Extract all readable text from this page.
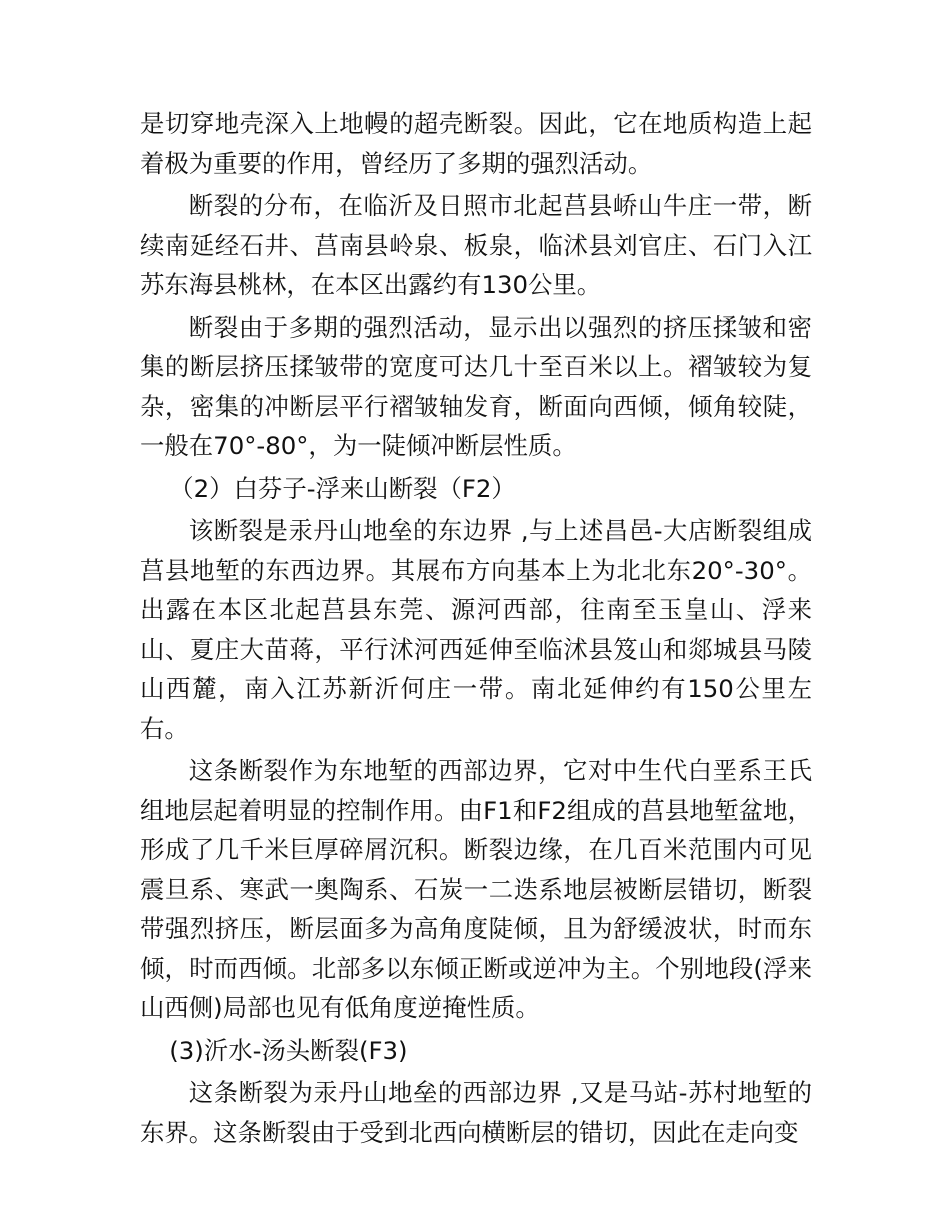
是切穿地壳深入上地幔的超壳断裂。因此，它在地质构造上起着极为重要的作用，曾经历了多期的强烈活动。

断裂的分布，在临沂及日照市北起莒县峤山牛庄一带，断续南延经石井、莒南县岭泉、板泉，临沭县刘官庄、石门入江苏东海县桃林，在本区出露约有130公里。

断裂由于多期的强烈活动，显示出以强烈的挤压揉皱和密集的断层挤压揉皱带的宽度可达几十至百米以上。褶皱较为复杂，密集的冲断层平行褶皱轴发育，断面向西倾，倾角较陡，一般在70°-80°，为一陡倾冲断层性质。

（2）白芬子-浮来山断裂（F2）

该断裂是汞丹山地垒的东边界 ,与上述昌邑-大店断裂组成莒县地堑的东西边界。其展布方向基本上为北北东20°-30°。出露在本区北起莒县东莞、源河西部，往南至玉皇山、浮来山、夏庄大苗蒋，平行沭河西延伸至临沭县笈山和郯城县马陵山西麓，南入江苏新沂何庄一带。南北延伸约有150公里左右。

这条断裂作为东地堑的西部边界，它对中生代白垩系王氏组地层起着明显的控制作用。由F1和F2组成的莒县地堑盆地，形成了几千米巨厚碎屑沉积。断裂边缘，在几百米范围内可见震旦系、寒武一奥陶系、石炭一二迭系地层被断层错切，断裂带强烈挤压，断层面多为高角度陡倾，且为舒缓波状，时而东倾，时而西倾。北部多以东倾正断或逆冲为主。个别地段(浮来山西侧)局部也见有低角度逆掩性质。

(3)沂水-汤头断裂(F3)

这条断裂为汞丹山地垒的西部边界 ,又是马站-苏村地堑的东界。这条断裂由于受到北西向横断层的错切，因此在走向变
